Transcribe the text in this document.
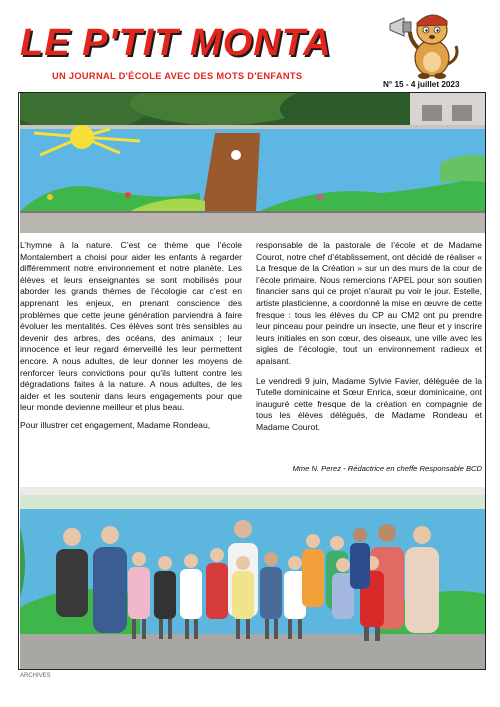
LE P'TIT MONTA
UN JOURNAL D'ÉCOLE AVEC DES MOTS D'ENFANTS
N° 15 - 4 juillet 2023

L’hymne à la nature. C’est ce thème que l’école Montalembert a choisi pour aider les enfants à regarder différemment notre environnement et notre planète. Les élèves et leurs enseignantes se sont mobilisés pour aborder les grands thèmes de l’écologie car c’est en apprenant les enjeux, en prenant conscience des problèmes que cette jeune génération parviendra à faire évoluer les mentalités. Ces élèves sont très sensibles au devenir des arbres, des océans, des animaux ; leur innocence et leur regard émerveillé les leur permettent encore. A nous adultes, de leur donner les moyens de renforcer leurs convictions pour qu’ils luttent contre les dégradations faites à la nature. A nous adultes, de les aider et les soutenir dans leurs engagements pour que leur monde devienne meilleur et plus beau.

Pour illustrer cet engagement, Madame Rondeau,

responsable de la pastorale de l’école et de Madame Courot, notre chef d’établissement, ont décidé de réaliser « La fresque de la Création » sur un des murs de la cour de l’école primaire. Nous remercions l’APEL pour son soutien financier sans qui ce projet n’aurait pu voir le jour. Estelle, artiste plasticienne, a coordonné la mise en œuvre de cette fresque : tous les élèves du CP au CM2 ont pu prendre leur pinceau pour peindre un insecte, une fleur et y inscrire leurs initiales en son cœur, des oiseaux, une ville avec les sigles de l’écologie, tout un environnement radieux et apaisant.

Le vendredi 9 juin, Madame Sylvie Favier, déléguée de la Tutelle dominicaine et Sœur Enrica, sœur dominicaine, ont inauguré cette fresque de la création en compagnie de tous les élèves délégués, de Madame Rondeau et Madame Courot.

Mme N. Perez - Rédactrice en cheffe Responsable BCD
ARCHIVES
